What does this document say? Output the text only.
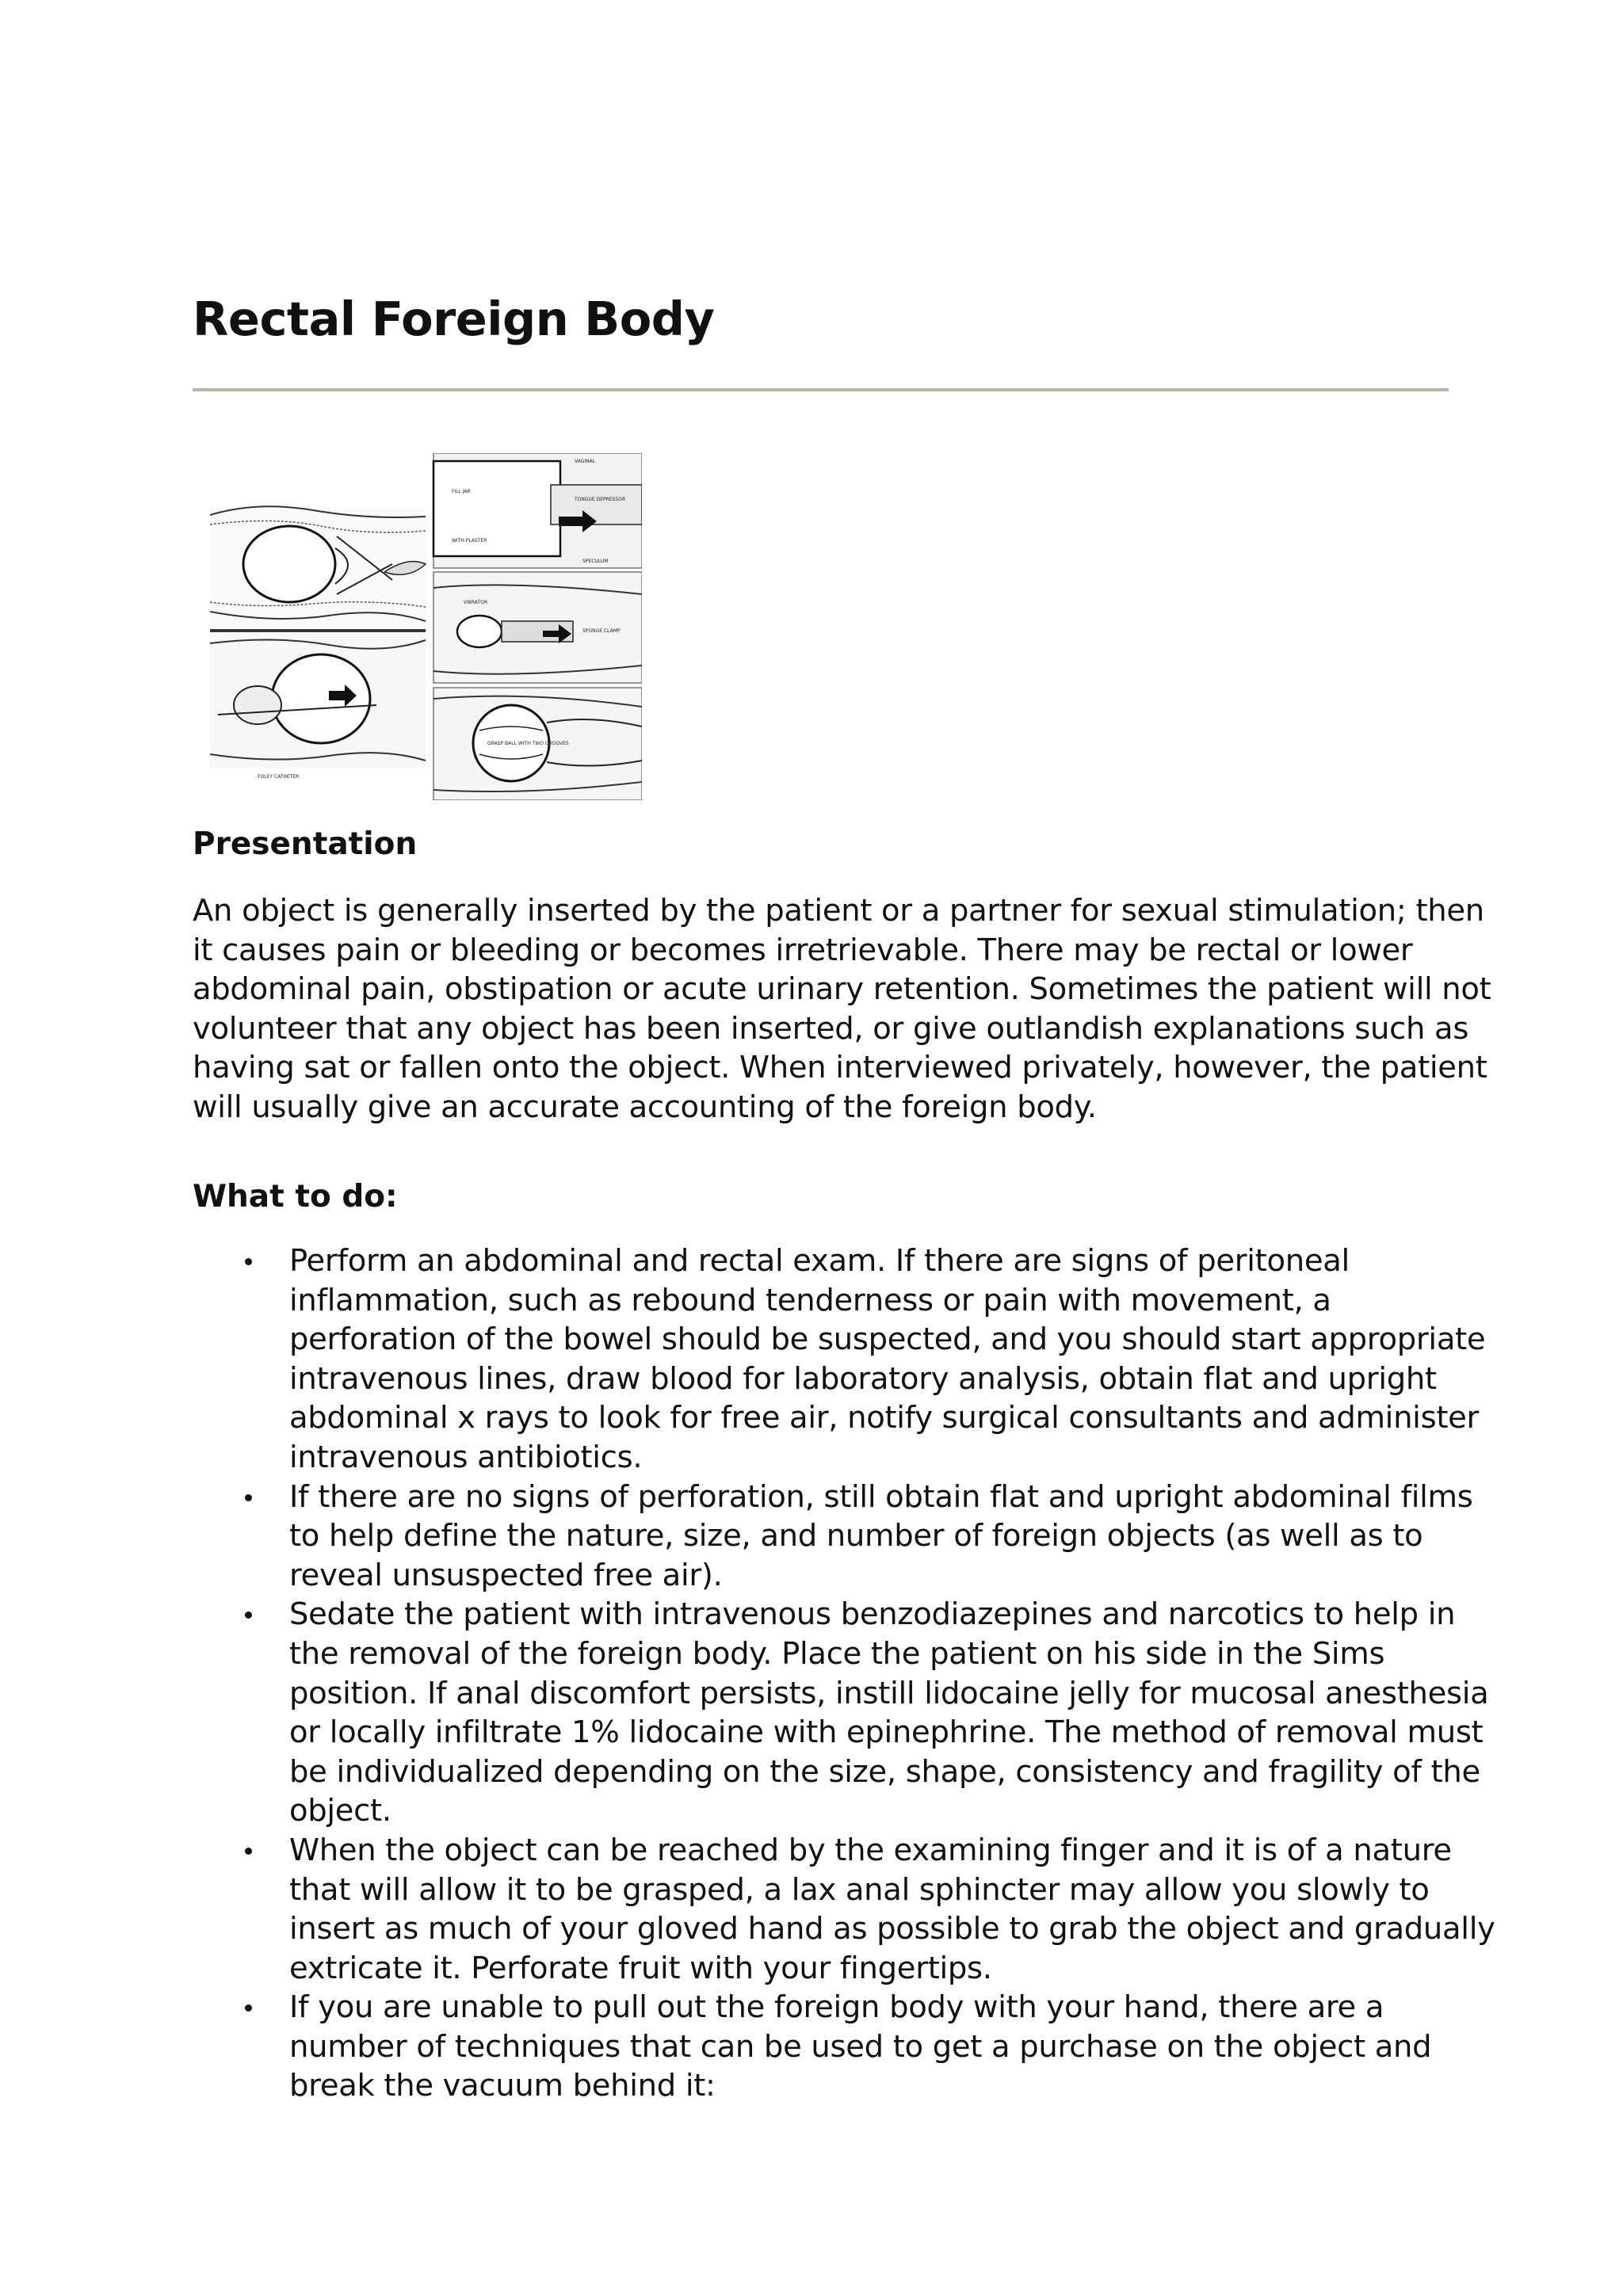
Rectal Foreign Body
FOLEY CATHETER
VAGINAL
FILL JAR
WITH PLASTER
TONGUE DEPRESSOR
SPECULUM
VIBRATOR
SPONGE CLAMP
GRASP BALL WITH TWO GROOVES
Presentation

An object is generally inserted by the patient or a partner for sexual stimulation; then it causes pain or bleeding or becomes irretrievable. There may be rectal or lower abdominal pain, obstipation or acute urinary retention. Sometimes the patient will not volunteer that any object has been inserted, or give outlandish explanations such as having sat or fallen onto the object. When interviewed privately, however, the patient will usually give an accurate accounting of the foreign body.

What to do:
Perform an abdominal and rectal exam. If there are signs of peritoneal inflammation, such as rebound tenderness or pain with movement, a perforation of the bowel should be suspected, and you should start appropriate intravenous lines, draw blood for laboratory analysis, obtain flat and upright abdominal x rays to look for free air, notify surgical consultants and administer intravenous antibiotics.
If there are no signs of perforation, still obtain flat and upright abdominal films to help define the nature, size, and number of foreign objects (as well as to reveal unsuspected free air).
Sedate the patient with intravenous benzodiazepines and narcotics to help in the removal of the foreign body. Place the patient on his side in the Sims position. If anal discomfort persists, instill lidocaine jelly for mucosal anesthesia or locally infiltrate 1% lidocaine with epinephrine. The method of removal must be individualized depending on the size, shape, consistency and fragility of the object.
When the object can be reached by the examining finger and it is of a nature that will allow it to be grasped, a lax anal sphincter may allow you slowly to insert as much of your gloved hand as possible to grab the object and gradually extricate it. Perforate fruit with your fingertips.
If you are unable to pull out the foreign body with your hand, there are a number of techniques that can be used to get a purchase on the object and break the vacuum behind it:
